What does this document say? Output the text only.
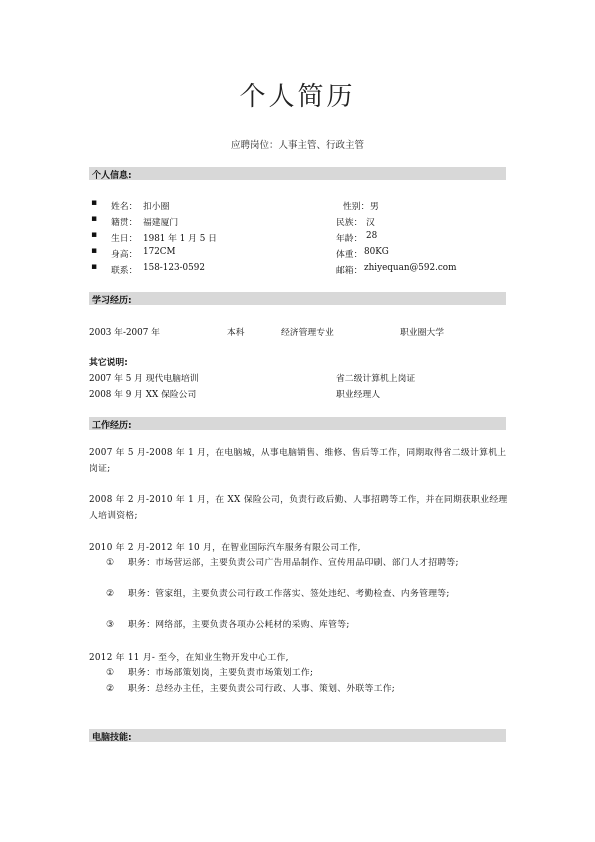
个人简历
应聘岗位：人事主管、行政主管
个人信息:
▪ 姓名： 扣小圈	性别： 男
▪ 籍贯： 福建厦门	民族： 汉
▪ 生日： 1981 年 1 月 5 日	年龄： 28
▪ 身高： 172CM	体重： 80KG
▪ 联系： 158-123-0592	邮箱： zhiyequan@592.com
学习经历:
2003 年-2007 年	本科	经济管理专业	职业圈大学
其它说明:
2007 年 5 月 现代电脑培训	省二级计算机上岗证
2008 年 9 月 XX 保险公司	职业经理人
工作经历:
2007 年 5 月-2008 年 1 月，在电脑城，从事电脑销售、维修、售后等工作，同期取得省二级计算机上岗证;
2008 年 2 月-2010 年 1 月，在 XX 保险公司，负责行政后勤、人事招聘等工作，并在同期获职业经理人培训资格;
2010 年 2 月-2012 年 10 月，在智业国际汽车服务有限公司工作,
① 职务：市场营运部，主要负责公司广告用品制作、宣传用品印刷、部门人才招聘等;
② 职务：管家组，主要负责公司行政工作落实、签处违纪、考勤检查、内务管理等;
③ 职务：网络部，主要负责各项办公耗材的采购、库管等;
2012 年 11 月- 至今，在知业生物开发中心工作,
① 职务：市场部策划岗，主要负责市场策划工作;
② 职务：总经办主任，主要负责公司行政、人事、策划、外联等工作;
电脑技能:
